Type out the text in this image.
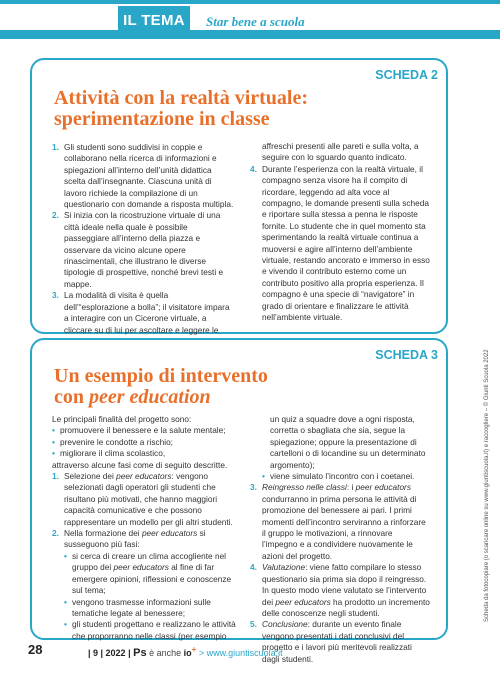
IL TEMA	Star bene a scuola
SCHEDA 2
Attività con la realtà virtuale:
sperimentazione in classe
1. Gli studenti sono suddivisi in coppie e collaborano nella ricerca di informazioni e spiegazioni all’interno dell’unità didattica scelta dall’insegnante. Ciascuna unità di lavoro richiede la compilazione di un questionario con domande a risposta multipla.
2. Si inizia con la ricostruzione virtuale di una città ideale nella quale è possibile passeggiare all’interno della piazza e osservare da vicino alcune opere rinascimentali, che illustrano le diverse tipologie di prospettive, nonché brevi testi e mappe.
3. La modalità di visita è quella dell’“esplorazione a bolla”; il visitatore impara a interagire con un Cicerone virtuale, a cliccare su di lui per ascoltare e leggere le

affreschi presenti alle pareti e sulla volta, a seguire con lo sguardo quanto indicato.

4. Durante l’esperienza con la realtà virtuale, il compagno senza visore ha il compito di ricordare, leggendo ad alta voce al compagno, le domande presenti sulla scheda e riportare sulla stessa a penna le risposte fornite. Lo studente che in quel momento sta sperimentando la realtà virtuale continua a muoversi e agire all’interno dell’ambiente virtuale, restando ancorato e immerso in esso e vivendo il contributo esterno come un contributo positivo alla propria esperienza. Il compagno è una specie di “navigatore” in grado di orientare e finalizzare le attività nell’ambiente virtuale.
SCHEDA 3
Un esempio di intervento
con peer education

Le principali finalità del progetto sono:

• promuovere il benessere e la salute mentale;
• prevenire le condotte a rischio;
• migliorare il clima scolastico,

attraverso alcune fasi come di seguito descritte.

1. Selezione dei peer educators: vengono selezionati dagli operatori gli studenti che risultano più motivati, che hanno maggiori capacità comunicative e che possono rappresentare un modello per gli altri studenti.
2. Nella formazione dei peer educators si susseguono più fasi:
• si cerca di creare un clima accogliente nel gruppo dei peer educators al fine di far emergere opinioni, riflessioni e conoscenze sul tema;
• vengono trasmesse informazioni sulle tematiche legate al benessere;
• gli studenti progettano e realizzano le attività che proporranno nelle classi (per esempio

un quiz a squadre dove a ogni risposta, corretta o sbagliata che sia, segue la spiegazione; oppure la presentazione di cartelloni o di locandine su un determinato argomento);

• viene simulato l’incontro con i coetanei.
3. Reingresso nelle classi: i peer educators condurranno in prima persona le attività di promozione del benessere ai pari. I primi momenti dell’incontro serviranno a rinforzare il gruppo le motivazioni, a rinnovare l’impegno e a condividere nuovamente le azioni del progetto.
4. Valutazione: viene fatto compilare lo stesso questionario sia prima sia dopo il reingresso. In questo modo viene valutato se l’intervento dei peer educators ha prodotto un incremento delle conoscenze negli studenti.
5. Conclusione: durante un evento finale vengono presentati i dati conclusivi del progetto e i lavori più meritevoli realizzati dagli studenti.
Scheda da fotocopiare (o scaricare online su www.giuntiscuola.it) e raccogliere – © Giunti Scuola 2022
28	| 9 | 2022 | Ps è anche io+ > www.giuntiscuola.it
